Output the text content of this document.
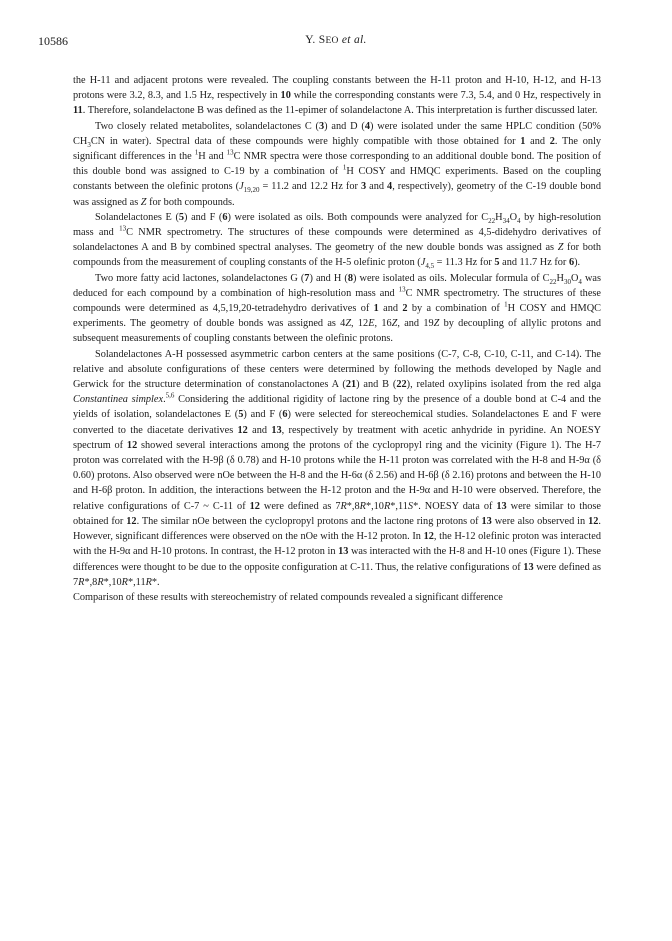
10586	Y. SEO et al.

the H-11 and adjacent protons were revealed. The coupling constants between the H-11 proton and H-10, H-12, and H-13 protons were 3.2, 8.3, and 1.5 Hz, respectively in 10 while the corresponding constants were 7.3, 5.4, and 0 Hz, respectively in 11. Therefore, solandelactone B was defined as the 11-epimer of solandelactone A. This interpretation is further discussed later.

Two closely related metabolites, solandelactones C (3) and D (4) were isolated under the same HPLC condition (50% $CH_3CN$ in water). Spectral data of these compounds were highly compatible with those obtained for 1 and 2. The only significant differences in the $^1$H and $^{13}$C NMR spectra were those corresponding to an additional double bond. The position of this double bond was assigned to C-19 by a combination of $^1$H COSY and HMQC experiments. Based on the coupling constants between the olefinic protons ($J_{19,20} = 11.2$ and 12.2 Hz for 3 and 4, respectively), geometry of the C-19 double bond was assigned as Z for both compounds.

Solandelactones E (5) and F (6) were isolated as oils. Both compounds were analyzed for $C_{22}H_{34}O_4$ by high-resolution mass and $^{13}$C NMR spectrometry. The structures of these compounds were determined as 4,5-didehydro derivatives of solandelactones A and B by combined spectral analyses. The geometry of the new double bonds was assigned as Z for both compounds from the measurement of coupling constants of the H-5 olefinic proton ($J_{4,5} = 11.3$ Hz for 5 and 11.7 Hz for 6).

Two more fatty acid lactones, solandelactones G (7) and H (8) were isolated as oils. Molecular formula of $C_{22}H_{30}O_4$ was deduced for each compound by a combination of high-resolution mass and $^{13}$C NMR spectrometry. The structures of these compounds were determined as 4,5,19,20-tetradehydro derivatives of 1 and 2 by a combination of $^1$H COSY and HMQC experiments. The geometry of double bonds was assigned as 4Z, 12E, 16Z, and 19Z by decoupling of allylic protons and subsequent measurements of coupling constants between the olefinic protons.

Solandelactones A-H possessed asymmetric carbon centers at the same positions (C-7, C-8, C-10, C-11, and C-14). The relative and absolute configurations of these centers were determined by following the methods developed by Nagle and Gerwick for the structure determination of constanolactones A (21) and B (22), related oxylipins isolated from the red alga Constantinea simplex.$^{5,6}$ Considering the additional rigidity of lactone ring by the presence of a double bond at C-4 and the yields of isolation, solandelactones E (5) and F (6) were selected for stereochemical studies. Solandelactones E and F were converted to the diacetate derivatives 12 and 13, respectively by treatment with acetic anhydride in pyridine. An NOESY spectrum of 12 showed several interactions among the protons of the cyclopropyl ring and the vicinity (Figure 1). The H-7 proton was correlated with the H-9β (δ 0.78) and H-10 protons while the H-11 proton was correlated with the H-8 and H-9α (δ 0.60) protons. Also observed were nOe between the H-8 and the H-6α (δ 2.56) and H-6β (δ 2.16) protons and between the H-10 and H-6β proton. In addition, the interactions between the H-12 proton and the H-9α and H-10 were observed. Therefore, the relative configurations of C-7 ~ C-11 of 12 were defined as 7R*,8R*,10R*,11S*. NOESY data of 13 were similar to those obtained for 12. The similar nOe between the cyclopropyl protons and the lactone ring protons of 13 were also observed in 12. However, significant differences were observed on the nOe with the H-12 proton. In 12, the H-12 olefinic proton was interacted with the H-9α and H-10 protons. In contrast, the H-12 proton in 13 was interacted with the H-8 and H-10 ones (Figure 1). These differences were thought to be due to the opposite configuration at C-11. Thus, the relative configurations of 13 were defined as 7R*,8R*,10R*,11R*.

Comparison of these results with stereochemistry of related compounds revealed a significant difference
